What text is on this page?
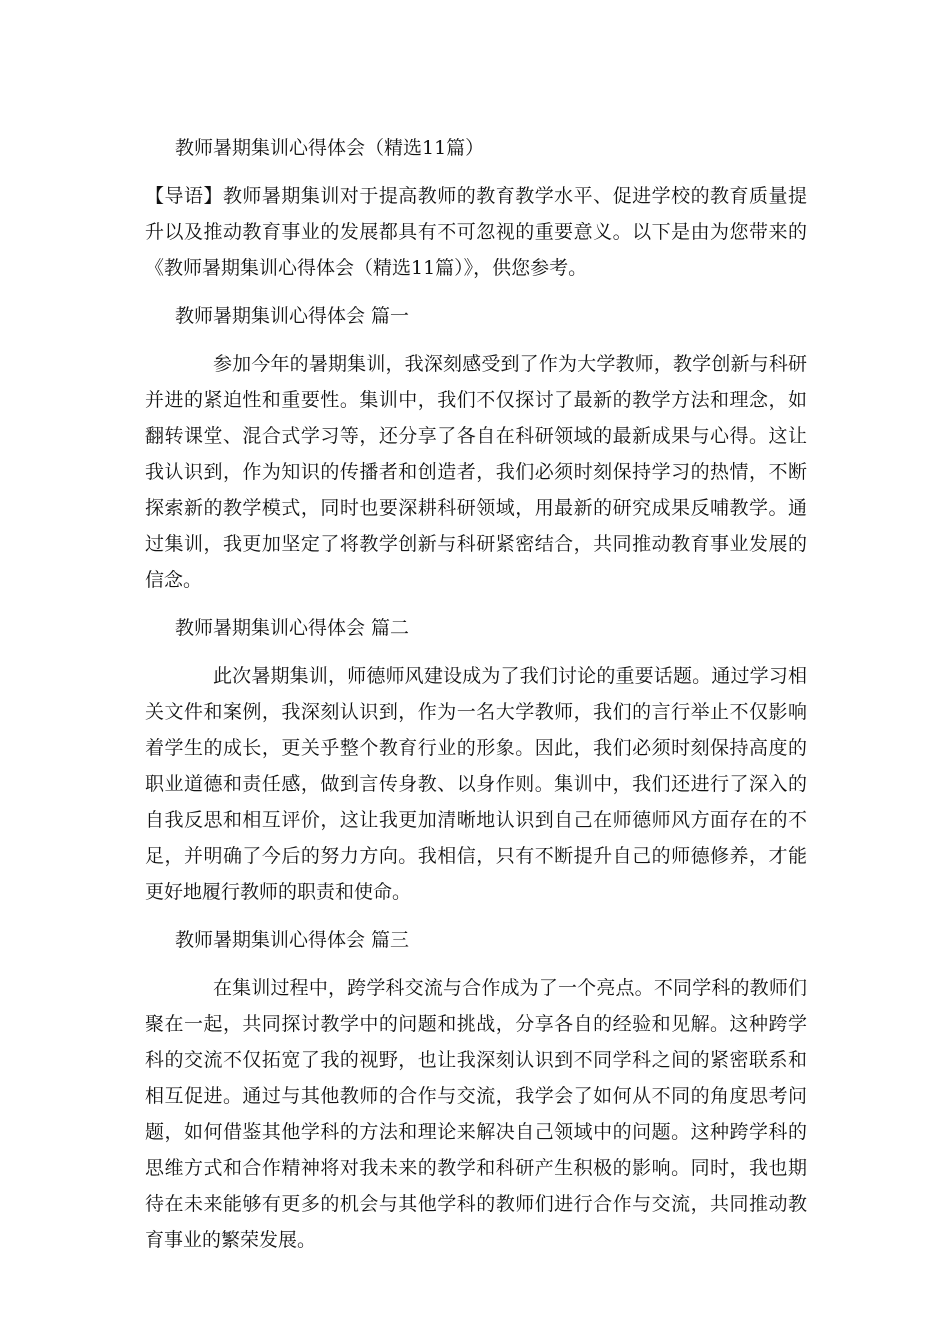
教师暑期集训心得体会（精选11篇）
【导语】教师暑期集训对于提高教师的教育教学水平、促进学校的教育质量提升以及推动教育事业的发展都具有不可忽视的重要意义。以下是由为您带来的《教师暑期集训心得体会（精选11篇）》，供您参考。
教师暑期集训心得体会 篇一
参加今年的暑期集训，我深刻感受到了作为大学教师，教学创新与科研并进的紧迫性和重要性。集训中，我们不仅探讨了最新的教学方法和理念，如翻转课堂、混合式学习等，还分享了各自在科研领域的最新成果与心得。这让我认识到，作为知识的传播者和创造者，我们必须时刻保持学习的热情，不断探索新的教学模式，同时也要深耕科研领域，用最新的研究成果反哺教学。通过集训，我更加坚定了将教学创新与科研紧密结合，共同推动教育事业发展的信念。
教师暑期集训心得体会 篇二
此次暑期集训，师德师风建设成为了我们讨论的重要话题。通过学习相关文件和案例，我深刻认识到，作为一名大学教师，我们的言行举止不仅影响着学生的成长，更关乎整个教育行业的形象。因此，我们必须时刻保持高度的职业道德和责任感，做到言传身教、以身作则。集训中，我们还进行了深入的自我反思和相互评价，这让我更加清晰地认识到自己在师德师风方面存在的不足，并明确了今后的努力方向。我相信，只有不断提升自己的师德修养，才能更好地履行教师的职责和使命。
教师暑期集训心得体会 篇三
在集训过程中，跨学科交流与合作成为了一个亮点。不同学科的教师们聚在一起，共同探讨教学中的问题和挑战，分享各自的经验和见解。这种跨学科的交流不仅拓宽了我的视野，也让我深刻认识到不同学科之间的紧密联系和相互促进。通过与其他教师的合作与交流，我学会了如何从不同的角度思考问题，如何借鉴其他学科的方法和理论来解决自己领域中的问题。这种跨学科的思维方式和合作精神将对我未来的教学和科研产生积极的影响。同时，我也期待在未来能够有更多的机会与其他学科的教师们进行合作与交流，共同推动教育事业的繁荣发展。
